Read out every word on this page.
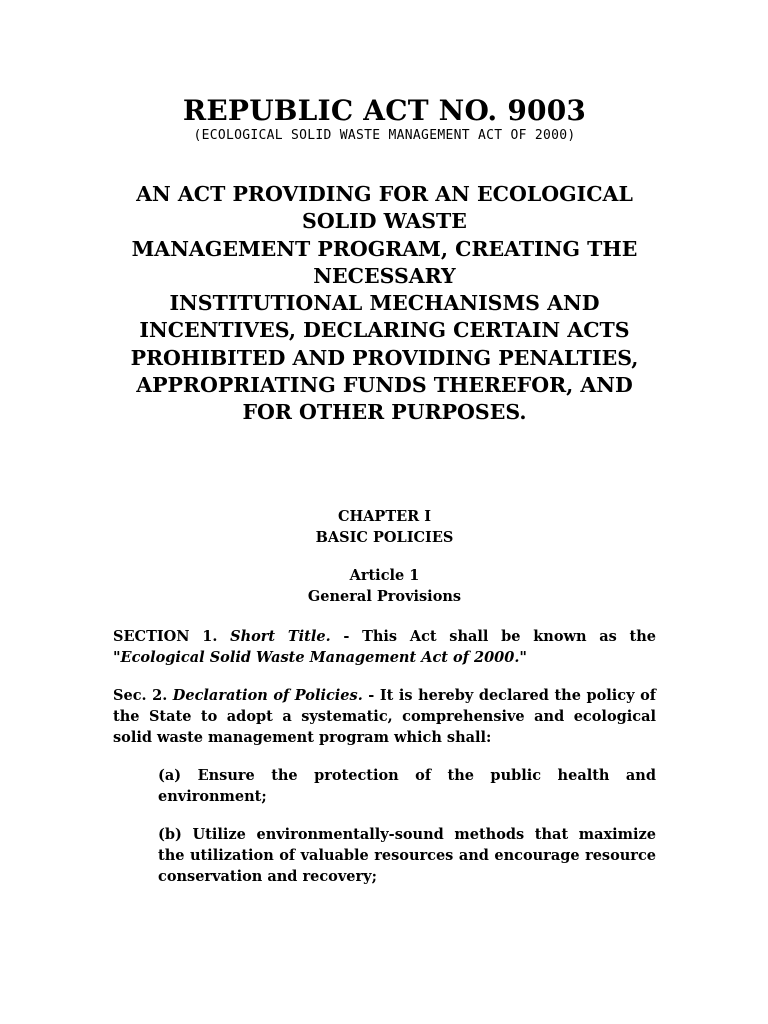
REPUBLIC ACT NO. 9003
(ECOLOGICAL SOLID WASTE MANAGEMENT ACT OF 2000)
AN ACT PROVIDING FOR AN ECOLOGICAL SOLID WASTE
MANAGEMENT PROGRAM, CREATING THE NECESSARY
INSTITUTIONAL MECHANISMS AND INCENTIVES, DECLARING CERTAIN ACTS PROHIBITED AND PROVIDING PENALTIES, APPROPRIATING FUNDS THEREFOR, AND FOR OTHER PURPOSES.
CHAPTER I
BASIC POLICIES
Article 1
General Provisions

SECTION 1. Short Title. - This Act shall be known as the "Ecological Solid Waste Management Act of 2000."

Sec. 2. Declaration of Policies. - It is hereby declared the policy of the State to adopt a systematic, comprehensive and ecological solid waste management program which shall:

(a) Ensure the protection of the public health and environment;

(b) Utilize environmentally-sound methods that maximize the utilization of valuable resources and encourage resource conservation and recovery;
